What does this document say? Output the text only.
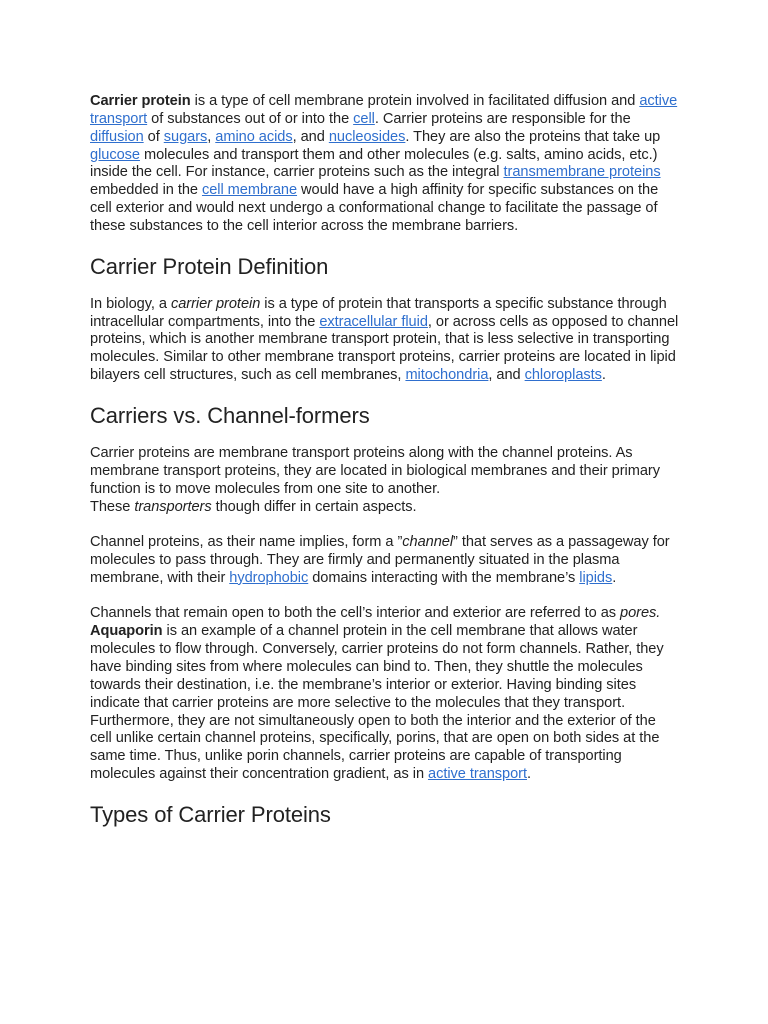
Carrier protein is a type of cell membrane protein involved in facilitated diffusion and active transport of substances out of or into the cell. Carrier proteins are responsible for the diffusion of sugars, amino acids, and nucleosides. They are also the proteins that take up glucose molecules and transport them and other molecules (e.g. salts, amino acids, etc.) inside the cell. For instance, carrier proteins such as the integral transmembrane proteins embedded in the cell membrane would have a high affinity for specific substances on the cell exterior and would next undergo a conformational change to facilitate the passage of these substances to the cell interior across the membrane barriers.

Carrier Protein Definition

In biology, a carrier protein is a type of protein that transports a specific substance through intracellular compartments, into the extracellular fluid, or across cells as opposed to channel proteins, which is another membrane transport protein, that is less selective in transporting molecules. Similar to other membrane transport proteins, carrier proteins are located in lipid bilayers cell structures, such as cell membranes, mitochondria, and chloroplasts.

Carriers vs. Channel-formers

Carrier proteins are membrane transport proteins along with the channel proteins. As membrane transport proteins, they are located in biological membranes and their primary function is to move molecules from one site to another.
These transporters though differ in certain aspects.

Channel proteins, as their name implies, form a ”channel” that serves as a passageway for molecules to pass through. They are firmly and permanently situated in the plasma membrane, with their hydrophobic domains interacting with the membrane’s lipids.

Channels that remain open to both the cell’s interior and exterior are referred to as pores. Aquaporin is an example of a channel protein in the cell membrane that allows water molecules to flow through. Conversely, carrier proteins do not form channels. Rather, they have binding sites from where molecules can bind to. Then, they shuttle the molecules towards their destination, i.e. the membrane’s interior or exterior. Having binding sites indicate that carrier proteins are more selective to the molecules that they transport. Furthermore, they are not simultaneously open to both the interior and the exterior of the cell unlike certain channel proteins, specifically, porins, that are open on both sides at the same time. Thus, unlike porin channels, carrier proteins are capable of transporting molecules against their concentration gradient, as in active transport.

Types of Carrier Proteins
